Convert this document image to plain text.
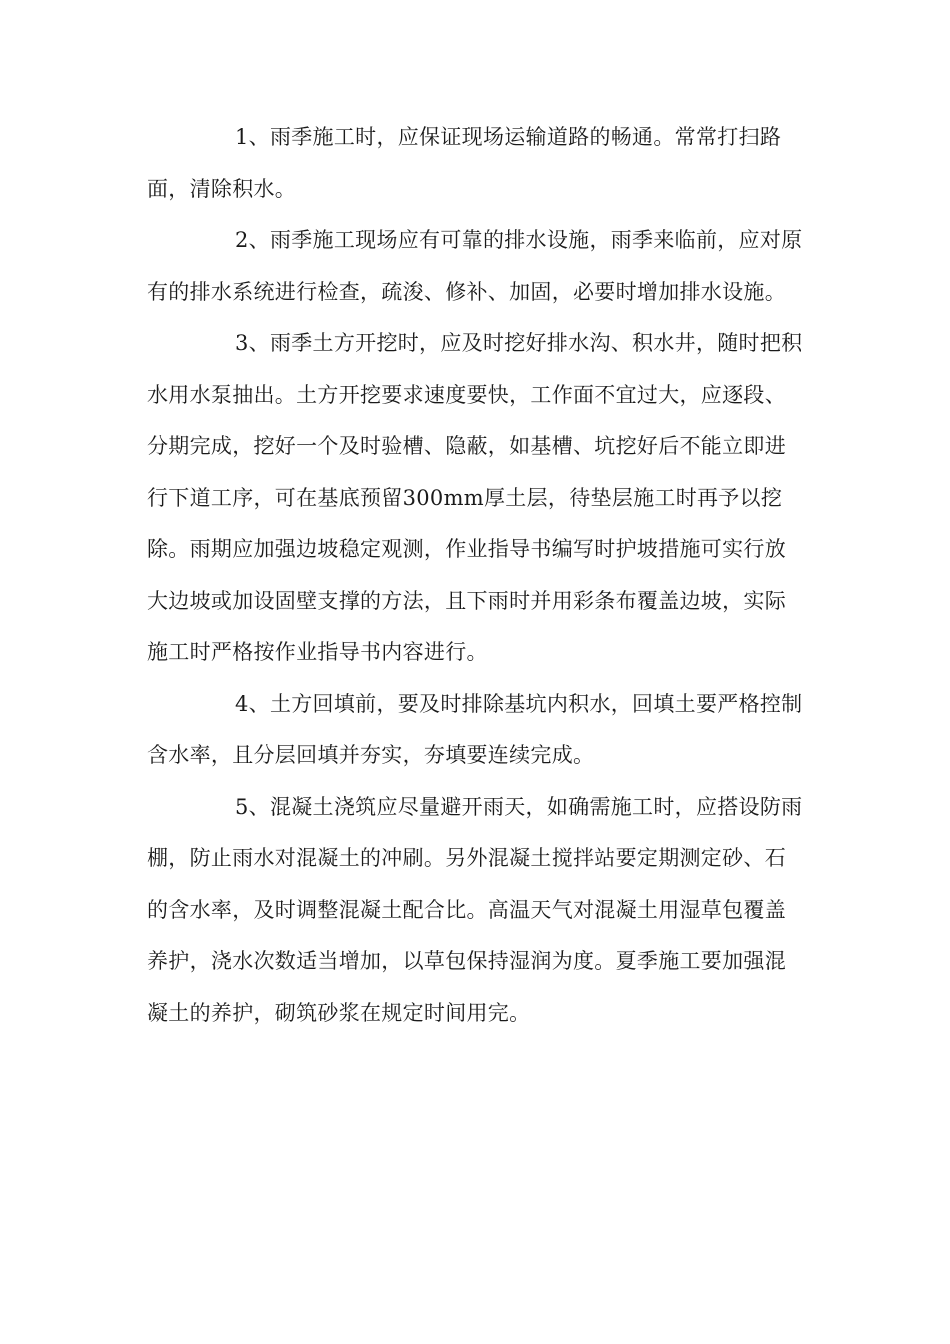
1、雨季施工时，应保证现场运输道路的畅通。常常打扫路面，清除积水。

2、雨季施工现场应有可靠的排水设施，雨季来临前，应对原有的排水系统进行检查，疏浚、修补、加固，必要时增加排水设施。

3、雨季土方开挖时，应及时挖好排水沟、积水井，随时把积水用水泵抽出。土方开挖要求速度要快，工作面不宜过大，应逐段、分期完成，挖好一个及时验槽、隐蔽，如基槽、坑挖好后不能立即进行下道工序，可在基底预留300mm厚土层，待垫层施工时再予以挖除。雨期应加强边坡稳定观测，作业指导书编写时护坡措施可实行放大边坡或加设固壁支撑的方法，且下雨时并用彩条布覆盖边坡，实际施工时严格按作业指导书内容进行。

4、土方回填前，要及时排除基坑内积水，回填土要严格控制含水率，且分层回填并夯实，夯填要连续完成。

5、混凝土浇筑应尽量避开雨天，如确需施工时，应搭设防雨棚，防止雨水对混凝土的冲刷。另外混凝土搅拌站要定期测定砂、石的含水率，及时调整混凝土配合比。高温天气对混凝土用湿草包覆盖养护，浇水次数适当增加，以草包保持湿润为度。夏季施工要加强混凝土的养护，砌筑砂浆在规定时间用完。
